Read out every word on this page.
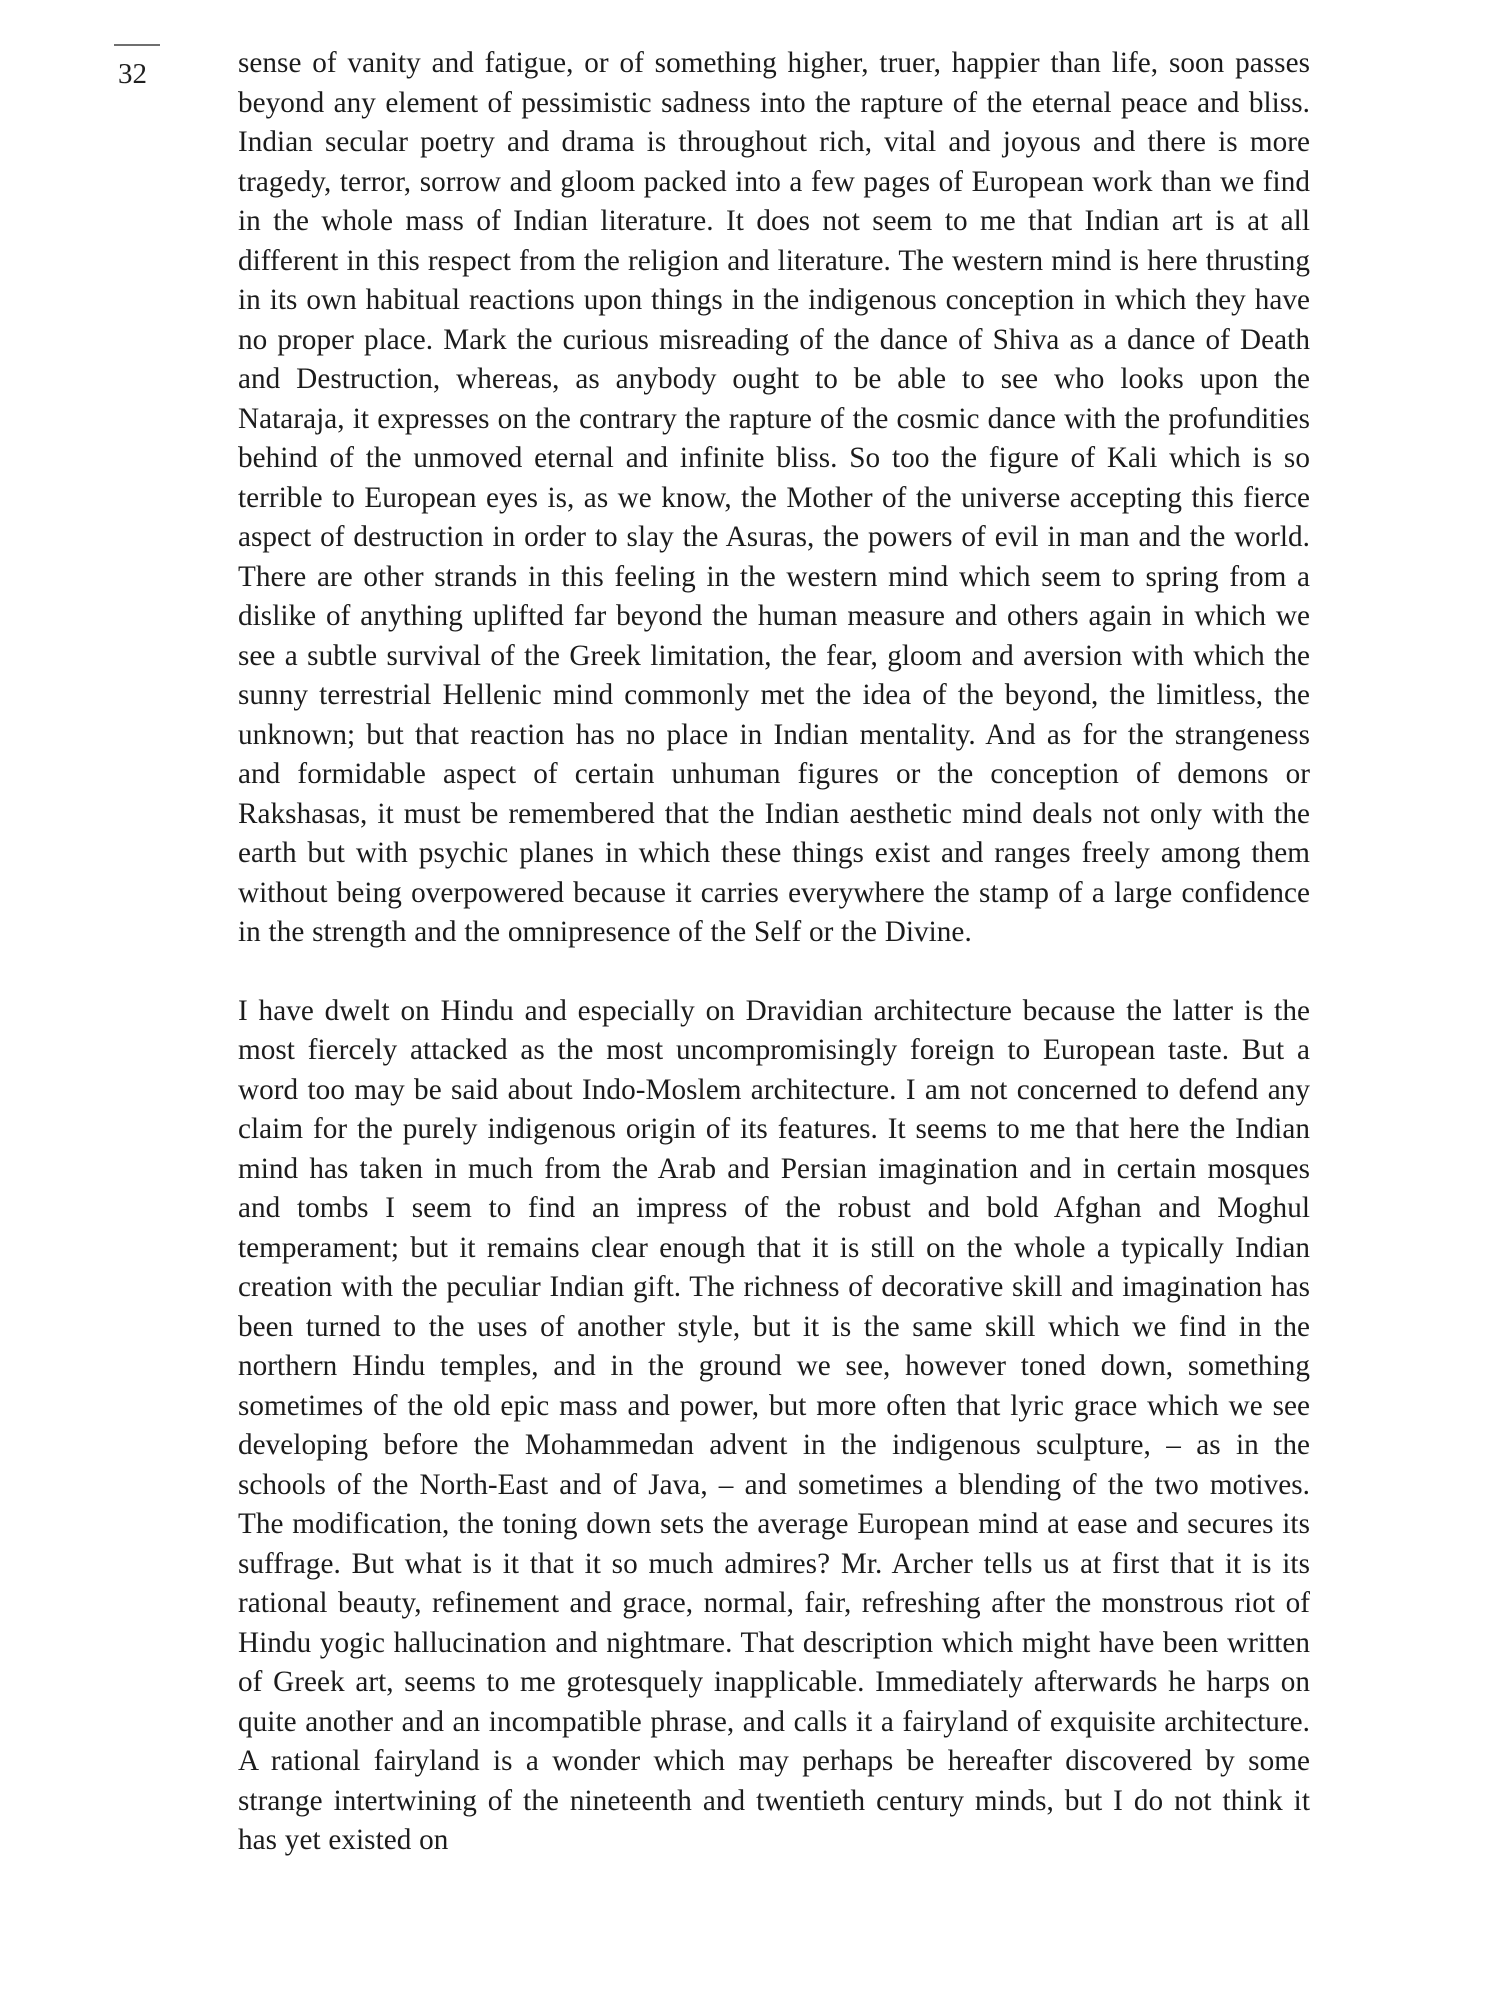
32	sense of vanity and fatigue, or of something higher, truer, happier than life, soon passes beyond any element of pessimistic sadness into the rapture of the eternal peace and bliss. Indian secular poetry and drama is throughout rich, vital and joyous and there is more tragedy, terror, sorrow and gloom packed into a few pages of European work than we find in the whole mass of Indian literature. It does not seem to me that Indian art is at all different in this respect from the religion and literature. The western mind is here thrusting in its own habitual reactions upon things in the indigenous conception in which they have no proper place. Mark the curious misreading of the dance of Shiva as a dance of Death and Destruction, whereas, as anybody ought to be able to see who looks upon the Nataraja, it expresses on the contrary the rapture of the cosmic dance with the profundities behind of the unmoved eternal and infinite bliss. So too the figure of Kali which is so terrible to European eyes is, as we know, the Mother of the universe accepting this fierce aspect of destruction in order to slay the Asuras, the powers of evil in man and the world. There are other strands in this feeling in the western mind which seem to spring from a dislike of anything uplifted far beyond the human measure and others again in which we see a subtle survival of the Greek limitation, the fear, gloom and aversion with which the sunny terrestrial Hellenic mind commonly met the idea of the beyond, the limitless, the unknown; but that reaction has no place in Indian mentality. And as for the strangeness and formidable aspect of certain unhuman figures or the conception of demons or Rakshasas, it must be remembered that the Indian aesthetic mind deals not only with the earth but with psychic planes in which these things exist and ranges freely among them without being overpowered because it carries everywhere the stamp of a large confidence in the strength and the omnipresence of the Self or the Divine.

I have dwelt on Hindu and especially on Dravidian architecture because the latter is the most fiercely attacked as the most uncompromisingly foreign to European taste. But a word too may be said about Indo-Moslem architecture. I am not concerned to defend any claim for the purely indigenous origin of its features. It seems to me that here the Indian mind has taken in much from the Arab and Persian imagination and in certain mosques and tombs I seem to find an impress of the robust and bold Afghan and Moghul temperament; but it remains clear enough that it is still on the whole a typically Indian creation with the peculiar Indian gift. The richness of decorative skill and imagination has been turned to the uses of another style, but it is the same skill which we find in the northern Hindu temples, and in the ground we see, however toned down, something sometimes of the old epic mass and power, but more often that lyric grace which we see developing before the Mohammedan advent in the indigenous sculpture, – as in the schools of the North-East and of Java, – and sometimes a blending of the two motives. The modification, the toning down sets the average European mind at ease and secures its suffrage. But what is it that it so much admires? Mr. Archer tells us at first that it is its rational beauty, refinement and grace, normal, fair, refreshing after the monstrous riot of Hindu yogic hallucination and nightmare. That description which might have been written of Greek art, seems to me grotesquely inapplicable. Immediately afterwards he harps on quite another and an incompatible phrase, and calls it a fairyland of exquisite architecture. A rational fairyland is a wonder which may perhaps be hereafter discovered by some strange intertwining of the nineteenth and twentieth century minds, but I do not think it has yet existed on
